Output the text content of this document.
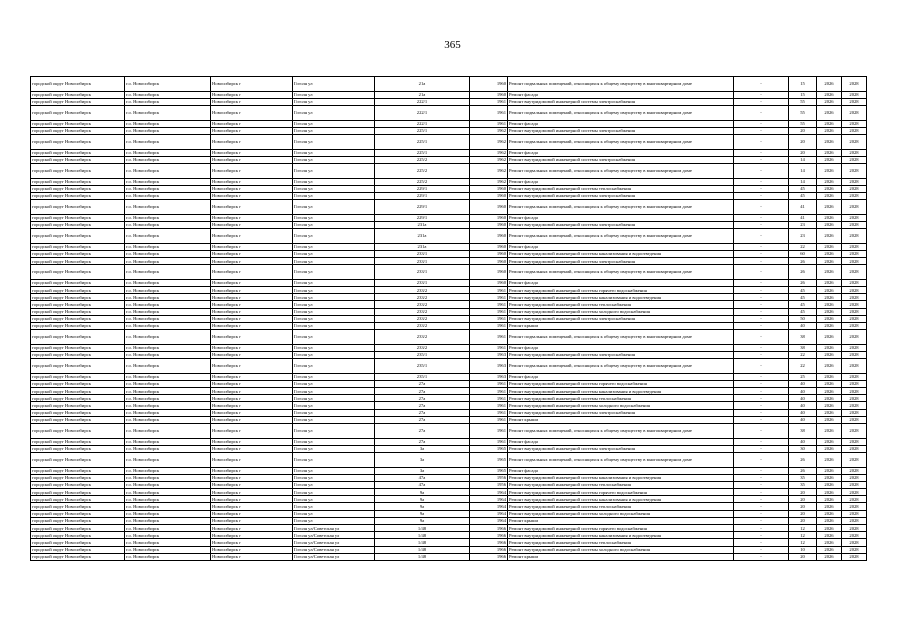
365
городской округ Новосибирск	г.о. Новосибирск	Новосибирск г	Гоголя ул	21а	1960	Ремонт подвальных помещений, относящихся к общему имуществу в многоквартирном доме	-	15	2026	2028
городской округ Новосибирск	г.о. Новосибирск	Новосибирск г	Гоголя ул	21а	1960	Ремонт фасада	-	15	2026	2028
городской округ Новосибирск	г.о. Новосибирск	Новосибирск г	Гоголя ул	222/1	1961	Ремонт внутридомовой инженерной системы электроснабжения	-	55	2026	2028
городской округ Новосибирск	г.о. Новосибирск	Новосибирск г	Гоголя ул	222/1	1961	Ремонт подвальных помещений, относящихся к общему имуществу в многоквартирном доме	-	55	2026	2028
городской округ Новосибирск	г.о. Новосибирск	Новосибирск г	Гоголя ул	222/1	1961	Ремонт фасада	-	55	2026	2028
городской округ Новосибирск	г.о. Новосибирск	Новосибирск г	Гоголя ул	225/1	1962	Ремонт внутридомовой инженерной системы электроснабжения	-	20	2026	2028
городской округ Новосибирск	г.о. Новосибирск	Новосибирск г	Гоголя ул	225/1	1962	Ремонт подвальных помещений, относящихся к общему имуществу в многоквартирном доме	-	20	2026	2028
городской округ Новосибирск	г.о. Новосибирск	Новосибирск г	Гоголя ул	225/1	1962	Ремонт фасада	-	20	2026	2028
городской округ Новосибирск	г.о. Новосибирск	Новосибирск г	Гоголя ул	225/2	1962	Ремонт внутридомовой инженерной системы электроснабжения	-	14	2026	2028
городской округ Новосибирск	г.о. Новосибирск	Новосибирск г	Гоголя ул	225/2	1962	Ремонт подвальных помещений, относящихся к общему имуществу в многоквартирном доме	-	14	2026	2028
городской округ Новосибирск	г.о. Новосибирск	Новосибирск г	Гоголя ул	225/2	1962	Ремонт фасада	-	14	2026	2028
городской округ Новосибирск	г.о. Новосибирск	Новосибирск г	Гоголя ул	229/1	1960	Ремонт внутридомовой инженерной системы теплоснабжения	-	45	2026	2028
городской округ Новосибирск	г.о. Новосибирск	Новосибирск г	Гоголя ул	229/1	1960	Ремонт внутридомовой инженерной системы электроснабжения	-	45	2026	2028
городской округ Новосибирск	г.о. Новосибирск	Новосибирск г	Гоголя ул	229/1	1960	Ремонт подвальных помещений, относящихся к общему имуществу в многоквартирном доме	-	41	2026	2028
городской округ Новосибирск	г.о. Новосибирск	Новосибирск г	Гоголя ул	229/1	1960	Ремонт фасада	-	41	2026	2028
городской округ Новосибирск	г.о. Новосибирск	Новосибирск г	Гоголя ул	231а	1960	Ремонт внутридомовой инженерной системы электроснабжения	-	23	2026	2028
городской округ Новосибирск	г.о. Новосибирск	Новосибирск г	Гоголя ул	231а	1960	Ремонт подвальных помещений, относящихся к общему имуществу в многоквартирном доме	-	23	2026	2028
городской округ Новосибирск	г.о. Новосибирск	Новосибирск г	Гоголя ул	231а	1960	Ремонт фасада	-	22	2026	2028
городской округ Новосибирск	г.о. Новосибирск	Новосибирск г	Гоголя ул	233/1	1960	Ремонт внутридомовой инженерной системы канализования и водоотведения	-	60	2026	2028
городской округ Новосибирск	г.о. Новосибирск	Новосибирск г	Гоголя ул	233/1	1960	Ремонт внутридомовой инженерной системы электроснабжения	-	26	2026	2028
городской округ Новосибирск	г.о. Новосибирск	Новосибирск г	Гоголя ул	233/1	1960	Ремонт подвальных помещений, относящихся к общему имуществу в многоквартирном доме	-	26	2026	2028
городской округ Новосибирск	г.о. Новосибирск	Новосибирск г	Гоголя ул	233/1	1960	Ремонт фасада	-	26	2026	2028
городской округ Новосибирск	г.о. Новосибирск	Новосибирск г	Гоголя ул	233/2	1961	Ремонт внутридомовой инженерной системы горячего водоснабжения	-	45	2026	2028
городской округ Новосибирск	г.о. Новосибирск	Новосибирск г	Гоголя ул	233/2	1961	Ремонт внутридомовой инженерной системы канализования и водоотведения	-	45	2026	2028
городской округ Новосибирск	г.о. Новосибирск	Новосибирск г	Гоголя ул	233/2	1961	Ремонт внутридомовой инженерной системы теплоснабжения	-	45	2026	2028
городской округ Новосибирск	г.о. Новосибирск	Новосибирск г	Гоголя ул	233/2	1961	Ремонт внутридомовой инженерной системы холодного водоснабжения	-	45	2026	2028
городской округ Новосибирск	г.о. Новосибирск	Новосибирск г	Гоголя ул	233/2	1961	Ремонт внутридомовой инженерной системы электроснабжения	-	50	2026	2028
городской округ Новосибирск	г.о. Новосибирск	Новосибирск г	Гоголя ул	233/2	1961	Ремонт крыши	-	40	2026	2028
городской округ Новосибирск	г.о. Новосибирск	Новосибирск г	Гоголя ул	233/2	1961	Ремонт подвальных помещений, относящихся к общему имуществу в многоквартирном доме	-	38	2026	2028
городской округ Новосибирск	г.о. Новосибирск	Новосибирск г	Гоголя ул	233/2	1961	Ремонт фасада	-	38	2026	2028
городской округ Новосибирск	г.о. Новосибирск	Новосибирск г	Гоголя ул	235/1	1963	Ремонт внутридомовой инженерной системы электроснабжения	-	22	2026	2028
городской округ Новосибирск	г.о. Новосибирск	Новосибирск г	Гоголя ул	235/1	1963	Ремонт подвальных помещений, относящихся к общему имуществу в многоквартирном доме	-	22	2026	2028
городской округ Новосибирск	г.о. Новосибирск	Новосибирск г	Гоголя ул	235/1	1963	Ремонт фасада	-	25	2026	2028
городской округ Новосибирск	г.о. Новосибирск	Новосибирск г	Гоголя ул	27а	1961	Ремонт внутридомовой инженерной системы горячего водоснабжения	-	40	2026	2028
городской округ Новосибирск	г.о. Новосибирск	Новосибирск г	Гоголя ул	27а	1961	Ремонт внутридомовой инженерной системы канализования и водоотведения	-	40	2026	2028
городской округ Новосибирск	г.о. Новосибирск	Новосибирск г	Гоголя ул	27а	1961	Ремонт внутридомовой инженерной системы теплоснабжения	-	40	2026	2028
городской округ Новосибирск	г.о. Новосибирск	Новосибирск г	Гоголя ул	27а	1961	Ремонт внутридомовой инженерной системы холодного водоснабжения	-	40	2026	2028
городской округ Новосибирск	г.о. Новосибирск	Новосибирск г	Гоголя ул	27а	1961	Ремонт внутридомовой инженерной системы электроснабжения	-	40	2026	2028
городской округ Новосибирск	г.о. Новосибирск	Новосибирск г	Гоголя ул	27а	1961	Ремонт крыши	-	40	2026	2028
городской округ Новосибирск	г.о. Новосибирск	Новосибирск г	Гоголя ул	27а	1961	Ремонт подвальных помещений, относящихся к общему имуществу в многоквартирном доме	-	38	2026	2028
городской округ Новосибирск	г.о. Новосибирск	Новосибирск г	Гоголя ул	27а	1961	Ремонт фасада	-	40	2026	2028
городской округ Новосибирск	г.о. Новосибирск	Новосибирск г	Гоголя ул	3а	1965	Ремонт внутридомовой инженерной системы электроснабжения	-	30	2026	2028
городской округ Новосибирск	г.о. Новосибирск	Новосибирск г	Гоголя ул	3а	1965	Ремонт подвальных помещений, относящихся к общему имуществу в многоквартирном доме	-	26	2026	2028
городской округ Новосибирск	г.о. Новосибирск	Новосибирск г	Гоголя ул	3а	1965	Ремонт фасада	-	26	2026	2028
городской округ Новосибирск	г.о. Новосибирск	Новосибирск г	Гоголя ул	47а	1956	Ремонт внутридомовой инженерной системы канализования и водоотведения	-	35	2026	2028
городской округ Новосибирск	г.о. Новосибирск	Новосибирск г	Гоголя ул	47а	1956	Ремонт внутридомовой инженерной системы теплоснабжения	-	35	2026	2028
городской округ Новосибирск	г.о. Новосибирск	Новосибирск г	Гоголя ул	9а	1964	Ремонт внутридомовой инженерной системы горячего водоснабжения	-	20	2026	2028
городской округ Новосибирск	г.о. Новосибирск	Новосибирск г	Гоголя ул	9а	1964	Ремонт внутридомовой инженерной системы канализования и водоотведения	-	20	2026	2028
городской округ Новосибирск	г.о. Новосибирск	Новосибирск г	Гоголя ул	9а	1964	Ремонт внутридомовой инженерной системы теплоснабжения	-	20	2026	2028
городской округ Новосибирск	г.о. Новосибирск	Новосибирск г	Гоголя ул	9а	1964	Ремонт внутридомовой инженерной системы холодного водоснабжения	-	20	2026	2028
городской округ Новосибирск	г.о. Новосибирск	Новосибирск г	Гоголя ул	9а	1964	Ремонт крыши	-	20	2026	2028
городской округ Новосибирск	г.о. Новосибирск	Новосибирск г	Гоголя ул/Советская ул	1/48	1966	Ремонт внутридомовой инженерной системы горячего водоснабжения	-	12	2026	2028
городской округ Новосибирск	г.о. Новосибирск	Новосибирск г	Гоголя ул/Советская ул	1/48	1966	Ремонт внутридомовой инженерной системы канализования и водоотведения	-	12	2026	2028
городской округ Новосибирск	г.о. Новосибирск	Новосибирск г	Гоголя ул/Советская ул	1/48	1966	Ремонт внутридомовой инженерной системы теплоснабжения	-	12	2026	2028
городской округ Новосибирск	г.о. Новосибирск	Новосибирск г	Гоголя ул/Советская ул	1/48	1966	Ремонт внутридомовой инженерной системы холодного водоснабжения	-	10	2026	2028
городской округ Новосибирск	г.о. Новосибирск	Новосибирск г	Гоголя ул/Советская ул	1/48	1966	Ремонт крыши	-	20	2026	2028
